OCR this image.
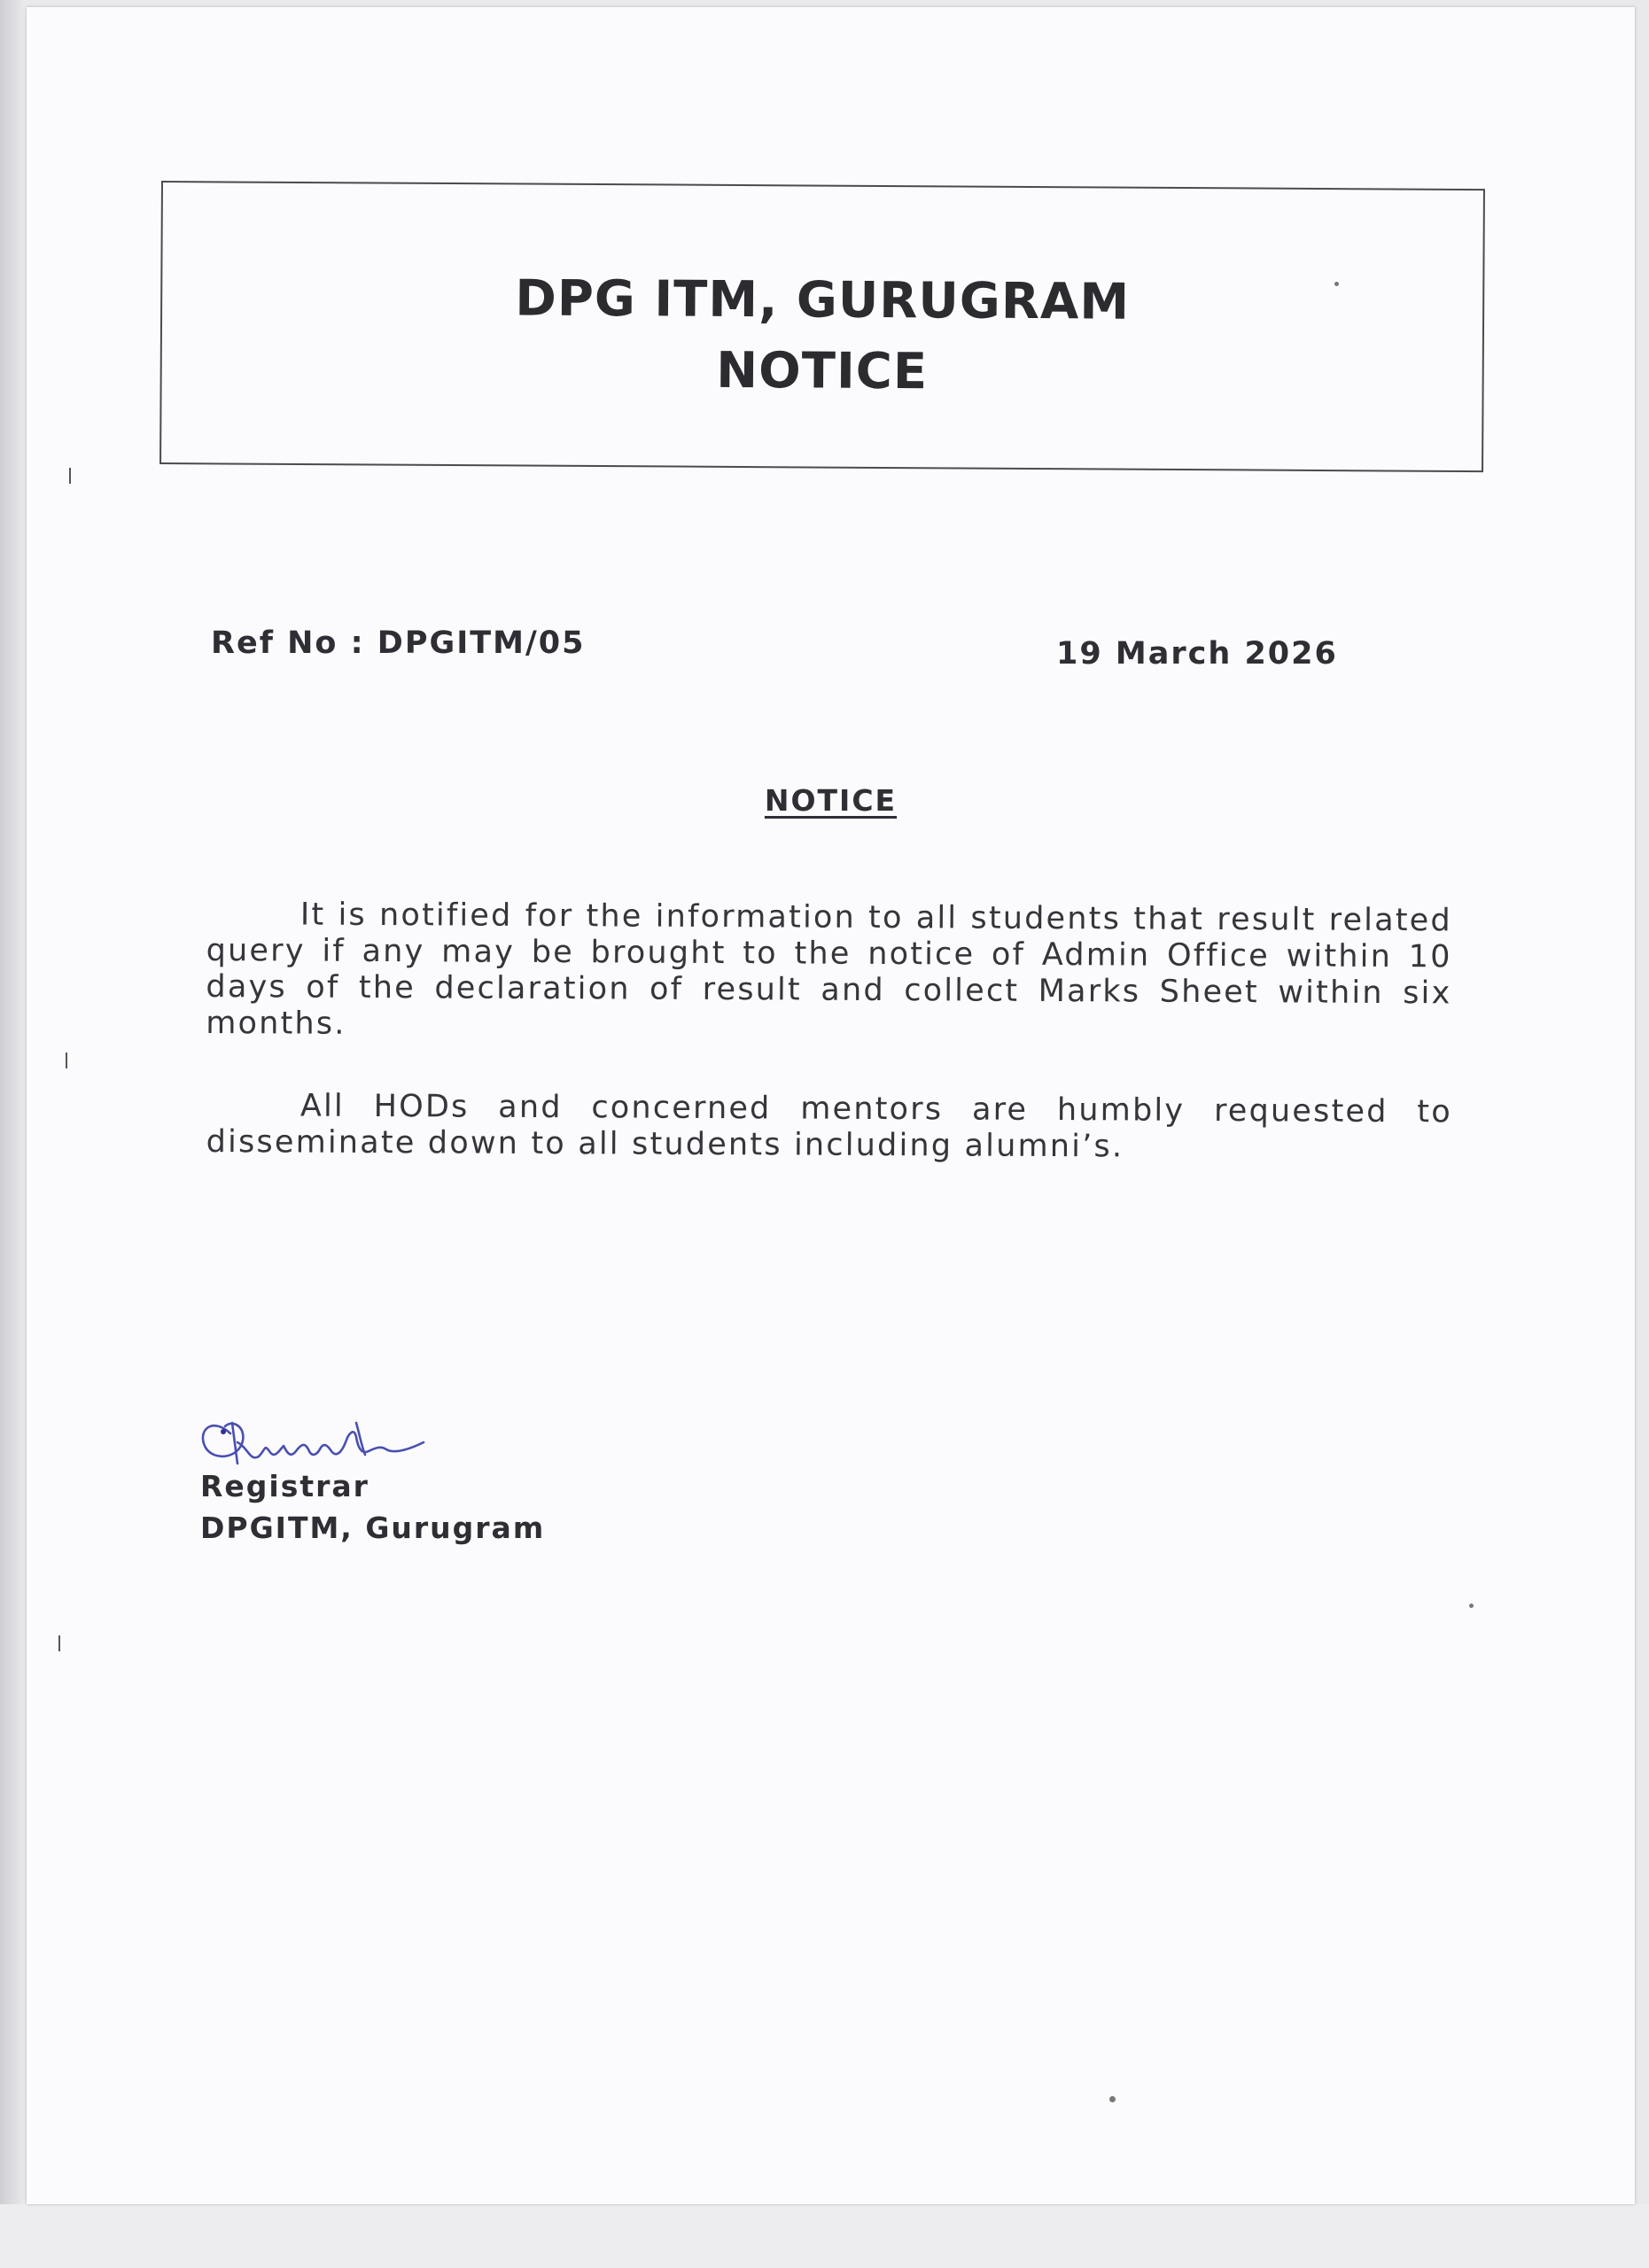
DPG ITM, GURUGRAM
NOTICE
Ref No : DPGITM/05	19 March 2026
NOTICE

It is notified for the information to all students that result related query if any may be brought to the notice of Admin Office within 10 days of the declaration of result and collect Marks Sheet within six months.

All HODs and concerned mentors are humbly requested to disseminate down to all students including alumni’s.

Registrar
DPGITM, Gurugram
